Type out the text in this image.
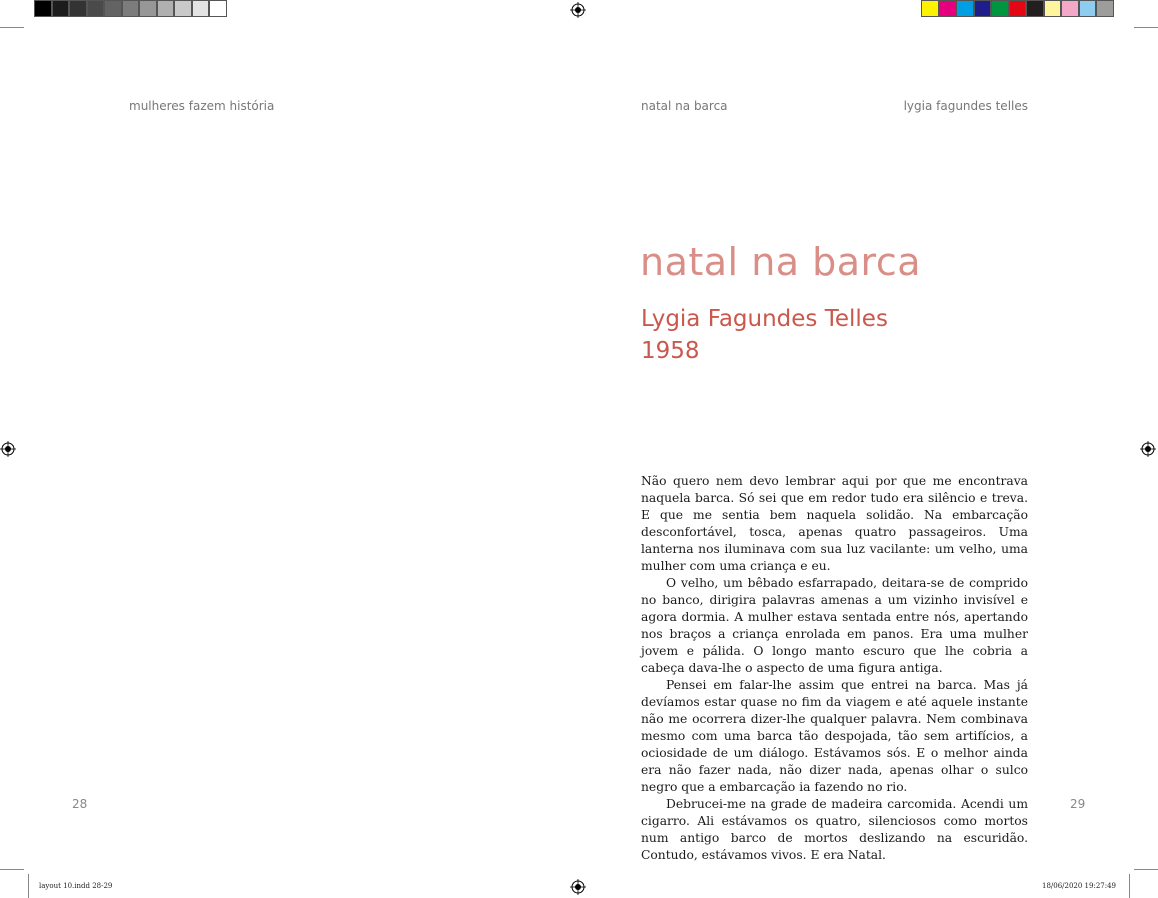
mulheres fazem história
28
natal na barca	lygia fagundes telles
natal na barca
Lygia Fagundes Telles
1958

Não quero nem devo lembrar aqui por que me encontrava naquela barca. Só sei que em redor tudo era silêncio e treva. E que me sentia bem naquela solidão. Na embarcação desconfortável, tosca, apenas quatro passageiros. Uma lanterna nos iluminava com sua luz vacilante: um velho, uma mulher com uma criança e eu.

O velho, um bêbado esfarrapado, deitara-se de comprido no banco, dirigira palavras amenas a um vizinho invisível e agora dormia. A mulher estava sentada entre nós, apertando nos braços a criança enrolada em panos. Era uma mulher jovem e pálida. O longo manto escuro que lhe cobria a cabeça dava-lhe o aspecto de uma figura antiga.

Pensei em falar-lhe assim que entrei na barca. Mas já devíamos estar quase no fim da viagem e até aquele instante não me ocorrera dizer-lhe qualquer palavra. Nem combinava mesmo com uma barca tão despojada, tão sem artifícios, a ociosidade de um diálogo. Estávamos sós. E o melhor ainda era não fazer nada, não dizer nada, apenas olhar o sulco negro que a embarcação ia fazendo no rio.

Debrucei-me na grade de madeira carcomida. Acendi um cigarro. Ali estávamos os quatro, silenciosos como mortos num antigo barco de mortos deslizando na escuridão. Contudo, estávamos vivos. E era Natal.

29
layout 10.indd 28-29	18/06/2020 19:27:49
